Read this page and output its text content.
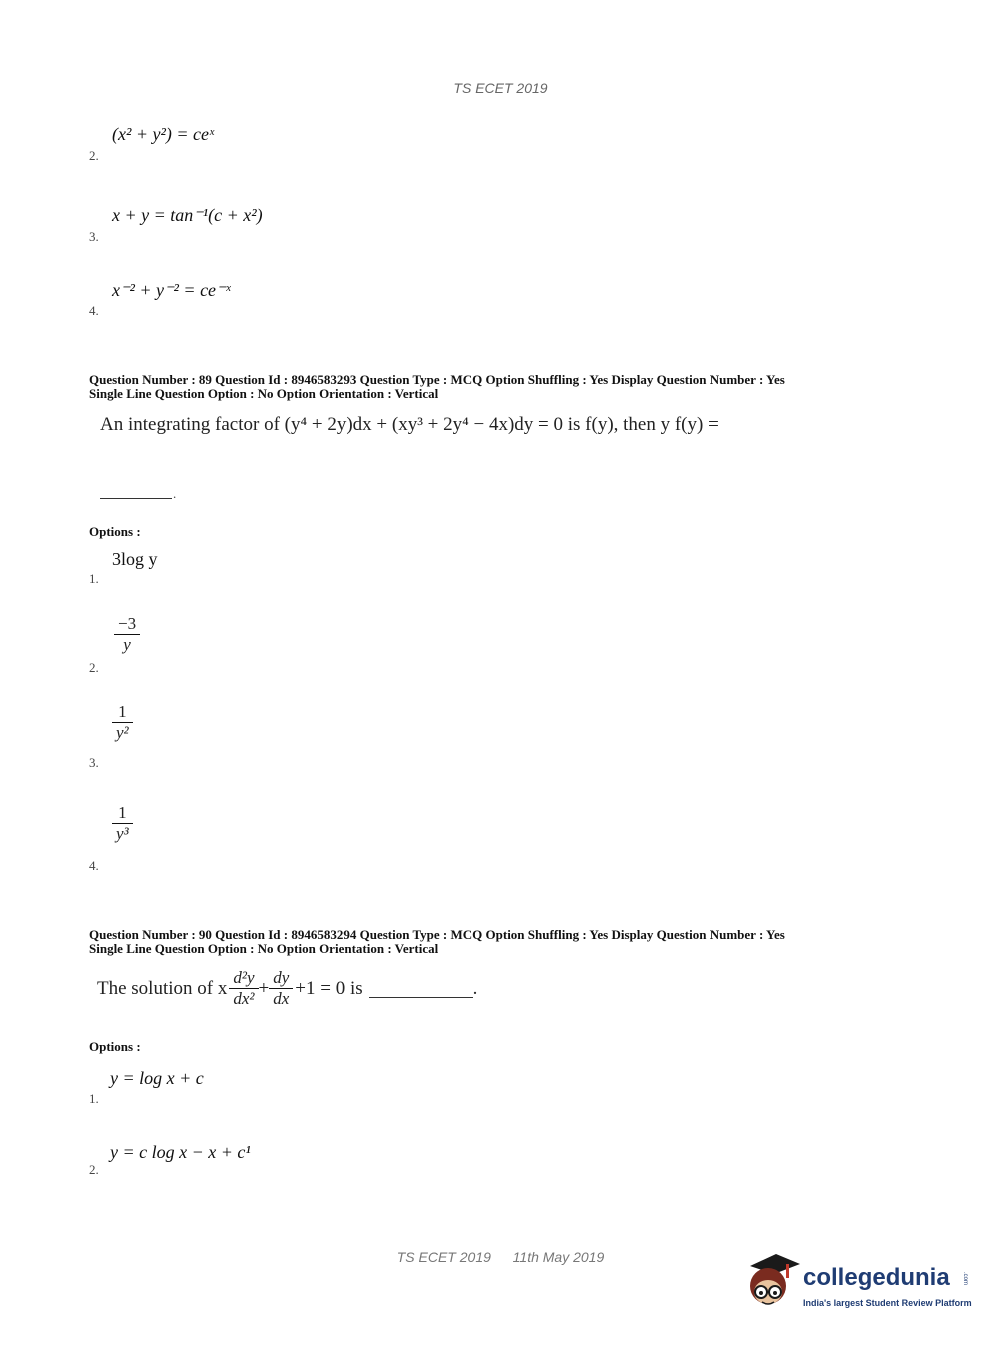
TS ECET 2019
(x² + y²) = ceˣ
2.
x + y = tan⁻¹(c + x²)
3.
x⁻² + y⁻² = ce⁻ˣ
4.
Question Number : 89 Question Id : 8946583293 Question Type : MCQ Option Shuffling : Yes Display Question Number : Yes
Single Line Question Option : No Option Orientation : Vertical
An integrating factor of (y⁴ + 2y)dx + (xy³ + 2y⁴ − 4x)dy = 0 is f(y), then y f(y) =
.
Options :
3log y
1.
$\frac{-3}{y}$
2.
$\frac{1}{\text{y²}}$
3.
$\frac{1}{\text{y³}}$
4.
Question Number : 90 Question Id : 8946583294 Question Type : MCQ Option Shuffling : Yes Display Question Number : Yes
Single Line Question Option : No Option Orientation : Vertical
The solution of x $\frac{\text{d²y}}{\text{dx²}} + \frac{dy}{dx} +1 = 0$ is	.
Options :
y = log x + c
1.
y = c log x − x + c¹
2.
TS ECET 2019 11th May 2019
collegedunia .com
India's largest Student Review Platform
